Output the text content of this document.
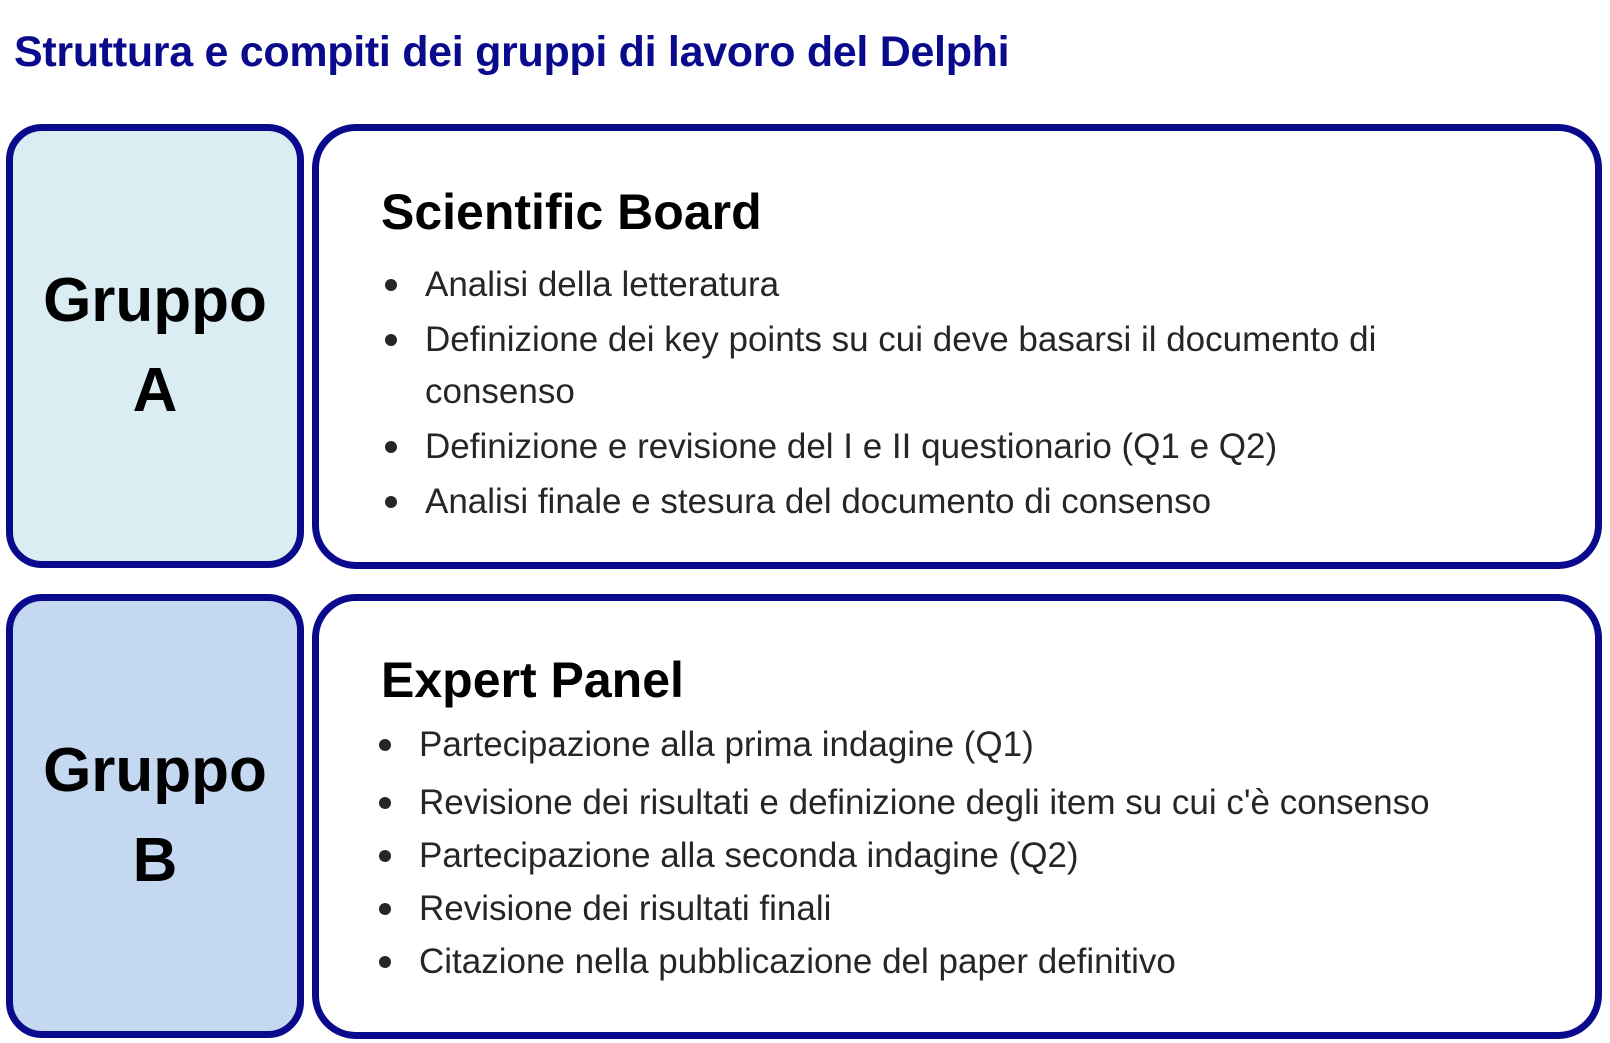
Struttura e compiti dei gruppi di lavoro del Delphi
Gruppo
A
Scientific Board
Analisi della letteratura
Definizione dei key points su cui deve basarsi il documento di consenso
Definizione e revisione del I e II questionario (Q1 e Q2)
Analisi finale e stesura del documento di consenso
Gruppo
B
Expert Panel
Partecipazione alla prima indagine (Q1)
Revisione dei risultati e definizione degli item su cui c'è consenso
Partecipazione alla seconda indagine (Q2)
Revisione dei risultati finali
Citazione nella pubblicazione del paper definitivo
